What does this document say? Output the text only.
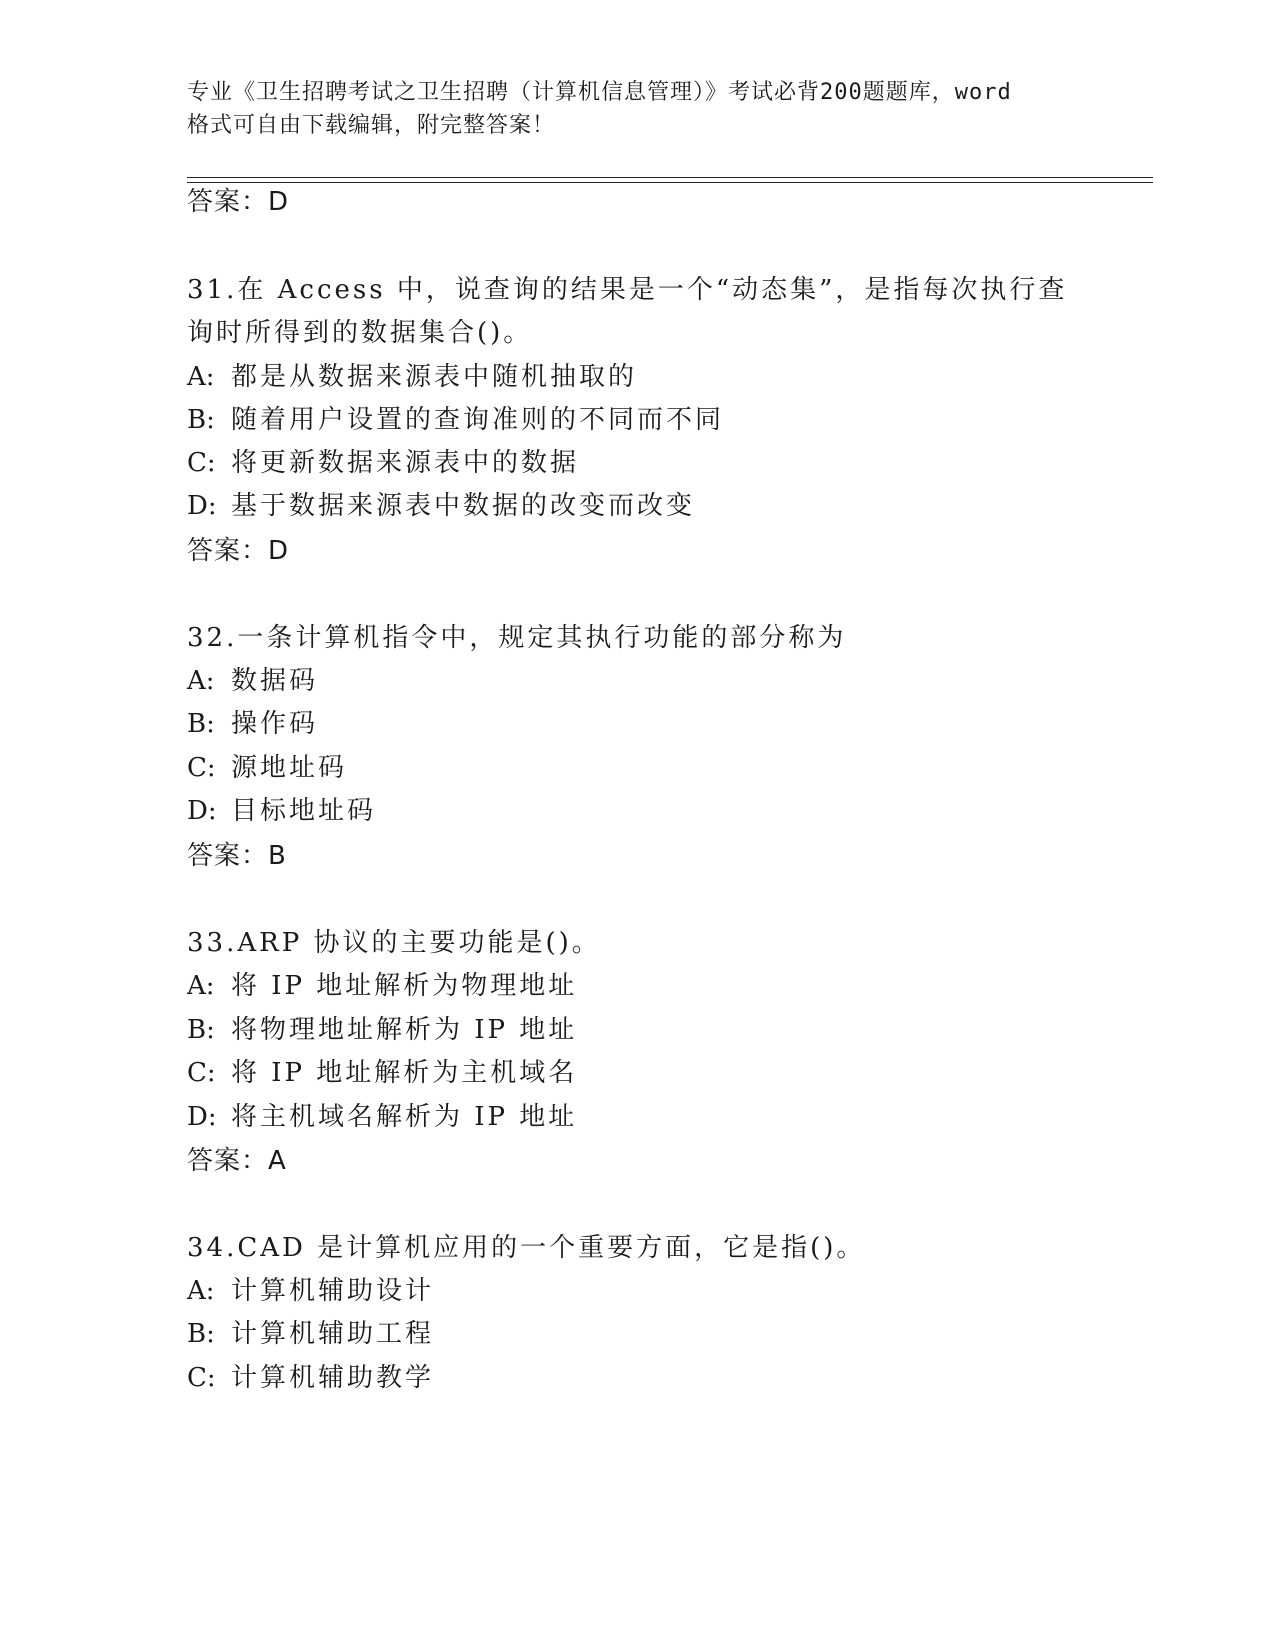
专业《卫生招聘考试之卫生招聘（计算机信息管理）》考试必背200题题库，word
格式可自由下载编辑，附完整答案！
答案：D
31.在 Access 中，说查询的结果是一个“动态集”，是指每次执行查
询时所得到的数据集合()。
A: 都是从数据来源表中随机抽取的
B: 随着用户设置的查询准则的不同而不同
C: 将更新数据来源表中的数据
D: 基于数据来源表中数据的改变而改变
答案：D
32.一条计算机指令中，规定其执行功能的部分称为
A: 数据码
B: 操作码
C: 源地址码
D: 目标地址码
答案：B
33.ARP 协议的主要功能是()。
A: 将 IP 地址解析为物理地址
B: 将物理地址解析为 IP 地址
C: 将 IP 地址解析为主机域名
D: 将主机域名解析为 IP 地址
答案：A
34.CAD 是计算机应用的一个重要方面，它是指()。
A: 计算机辅助设计
B: 计算机辅助工程
C: 计算机辅助教学
